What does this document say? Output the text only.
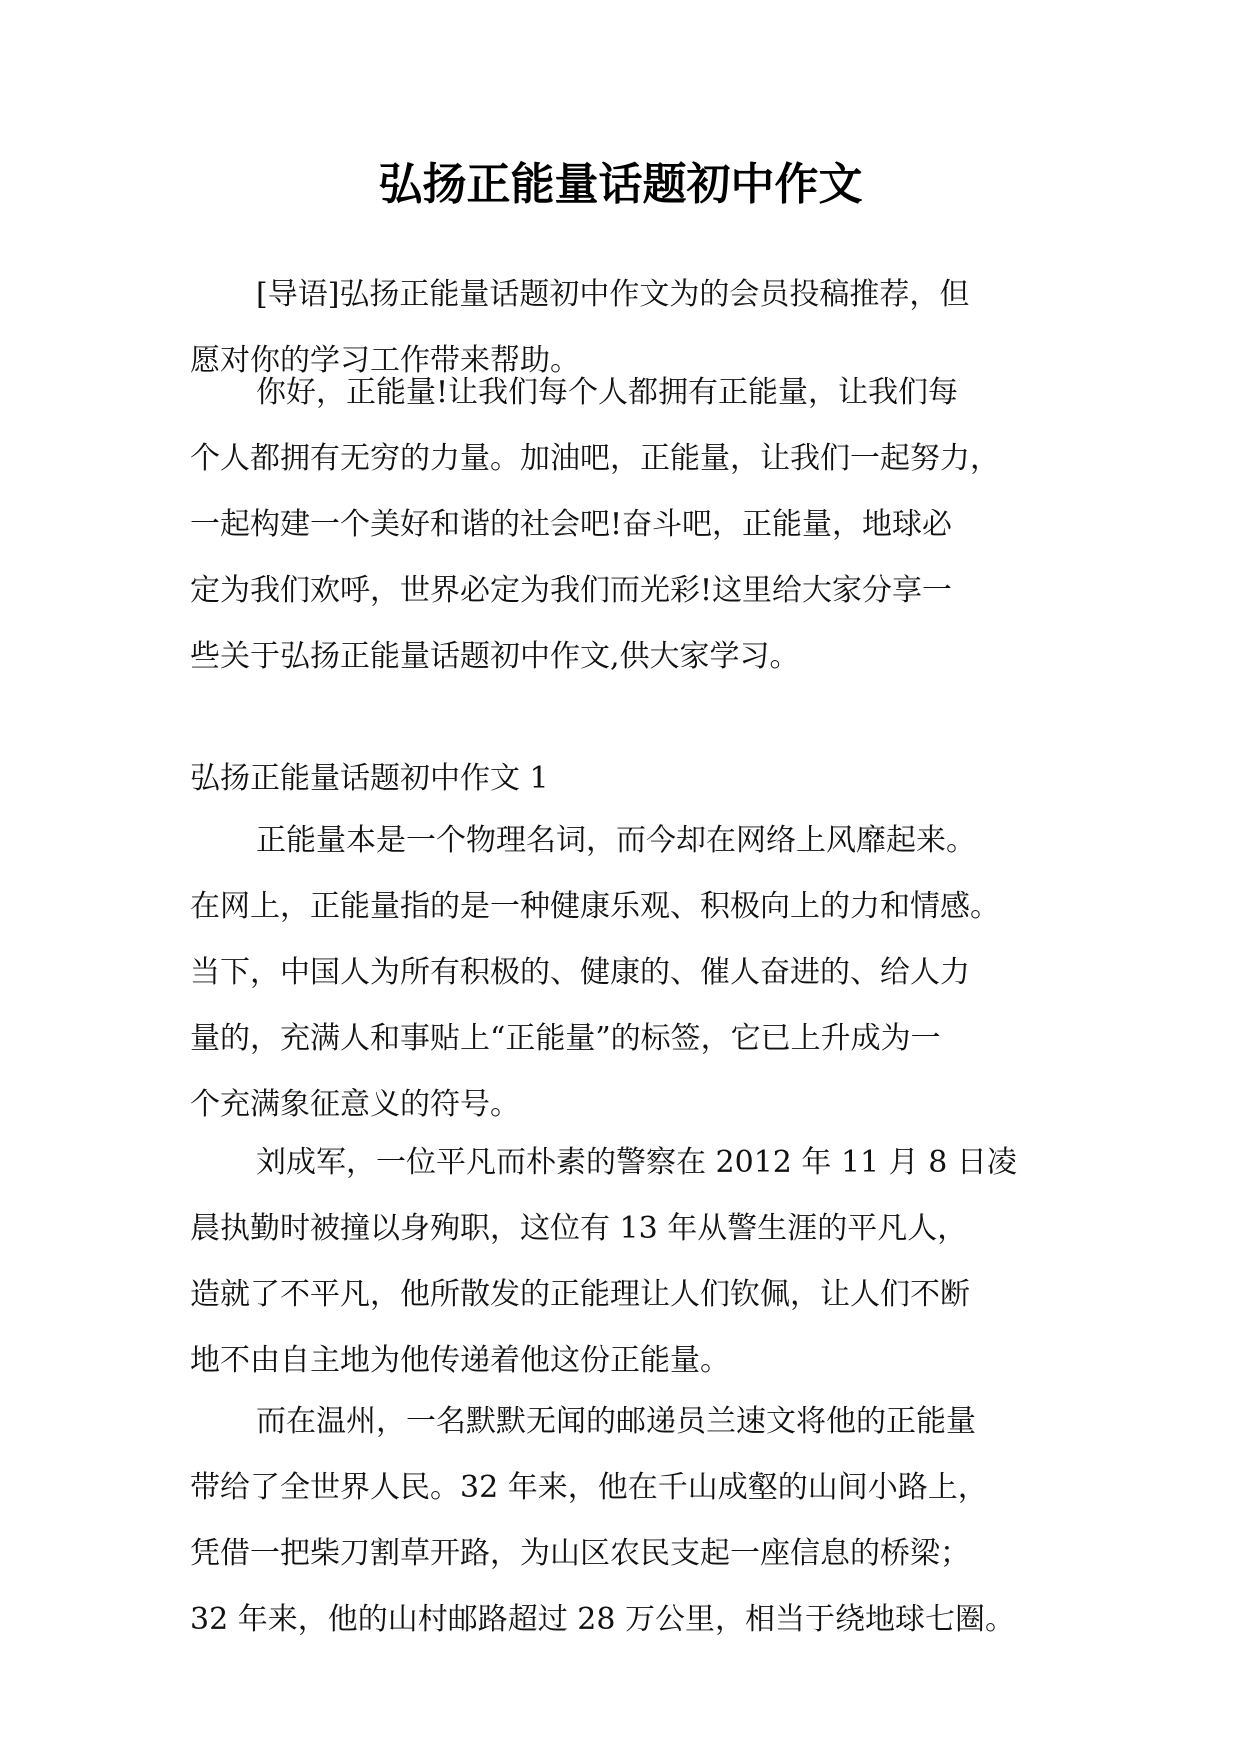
弘扬正能量话题初中作文
[导语]弘扬正能量话题初中作文为的会员投稿推荐，但
愿对你的学习工作带来帮助。
你好，正能量!让我们每个人都拥有正能量，让我们每
个人都拥有无穷的力量。加油吧，正能量，让我们一起努力，
一起构建一个美好和谐的社会吧!奋斗吧，正能量，地球必
定为我们欢呼，世界必定为我们而光彩!这里给大家分享一
些关于弘扬正能量话题初中作文,供大家学习。
弘扬正能量话题初中作文 1
正能量本是一个物理名词，而今却在网络上风靡起来。
在网上，正能量指的是一种健康乐观、积极向上的力和情感。
当下，中国人为所有积极的、健康的、催人奋进的、给人力
量的，充满人和事贴上“正能量”的标签，它已上升成为一
个充满象征意义的符号。
刘成军，一位平凡而朴素的警察在 2012 年 11 月 8 日凌
晨执勤时被撞以身殉职，这位有 13 年从警生涯的平凡人，
造就了不平凡，他所散发的正能理让人们钦佩，让人们不断
地不由自主地为他传递着他这份正能量。
而在温州，一名默默无闻的邮递员兰速文将他的正能量
带给了全世界人民。32 年来，他在千山成壑的山间小路上，
凭借一把柴刀割草开路，为山区农民支起一座信息的桥梁；
32 年来，他的山村邮路超过 28 万公里，相当于绕地球七圈。
